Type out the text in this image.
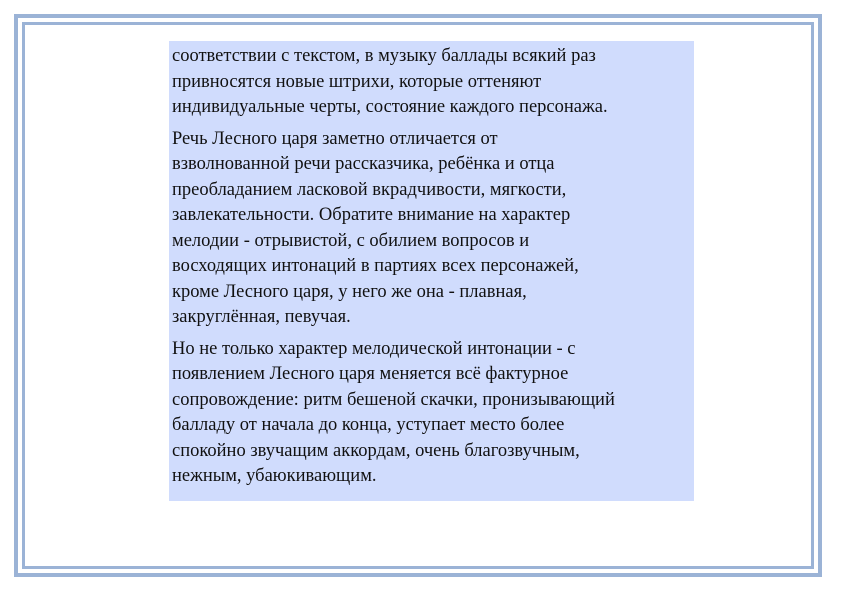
соответствии с текстом, в музыку баллады всякий раз
привносятся новые штрихи, которые оттеняют
индивидуальные черты, состояние каждого персонажа.

Речь Лесного царя заметно отличается от
взволнованной речи рассказчика, ребёнка и отца
преобладанием ласковой вкрадчивости, мягкости,
завлекательности. Обратите внимание на характер
мелодии - отрывистой, с обилием вопросов и
восходящих интонаций в партиях всех персонажей,
кроме Лесного царя, у него же она - плавная,
закруглённая, певучая.

Но не только характер мелодической интонации - с
появлением Лесного царя меняется всё фактурное
сопровождение: ритм бешеной скачки, пронизывающий
балладу от начала до конца, уступает место более
спокойно звучащим аккордам, очень благозвучным,
нежным, убаюкивающим.
